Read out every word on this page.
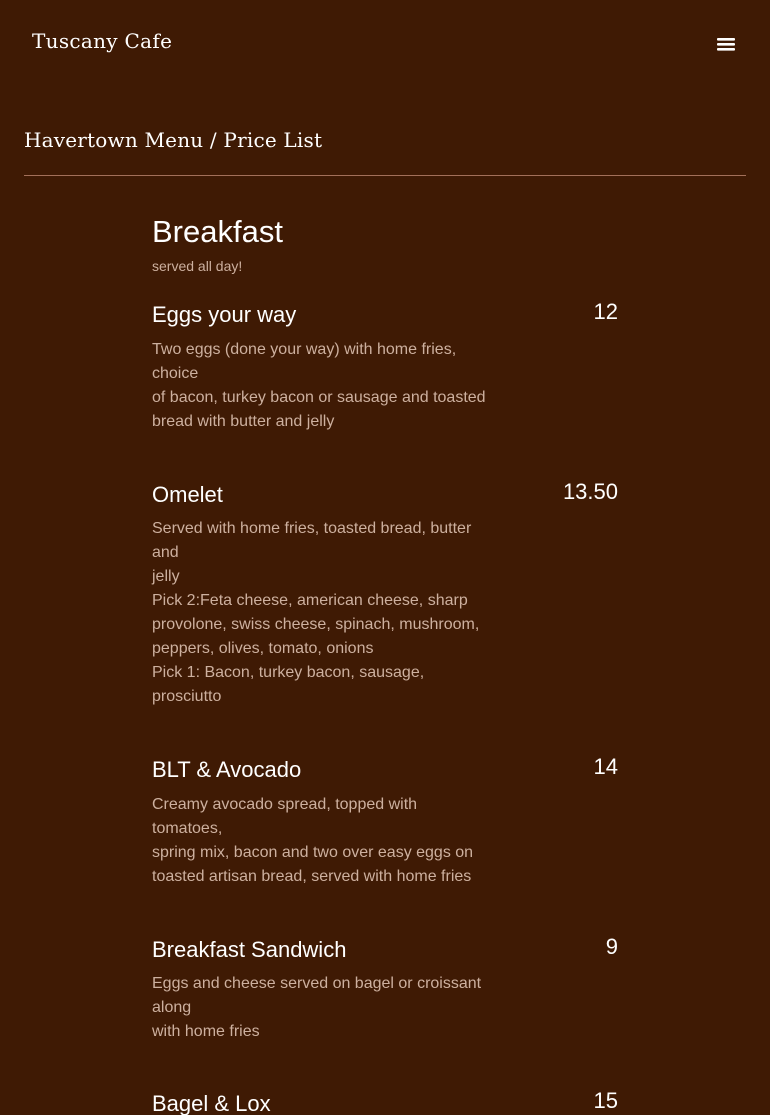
Tuscany Cafe
Havertown Menu / Price List
Breakfast
served all day!
Eggs your way	12
Two eggs (done your way) with home fries,
choice
of bacon, turkey bacon or sausage and toasted
bread with butter and jelly
Omelet	13.50
Served with home fries, toasted bread, butter
and
jelly
Pick 2:Feta cheese, american cheese, sharp
provolone, swiss cheese, spinach, mushroom,
peppers, olives, tomato, onions
Pick 1: Bacon, turkey bacon, sausage,
prosciutto
BLT & Avocado	14
Creamy avocado spread, topped with
tomatoes,
spring mix, bacon and two over easy eggs on
toasted artisan bread, served with home fries
Breakfast Sandwich	9
Eggs and cheese served on bagel or croissant
along
with home fries
Bagel & Lox	15
